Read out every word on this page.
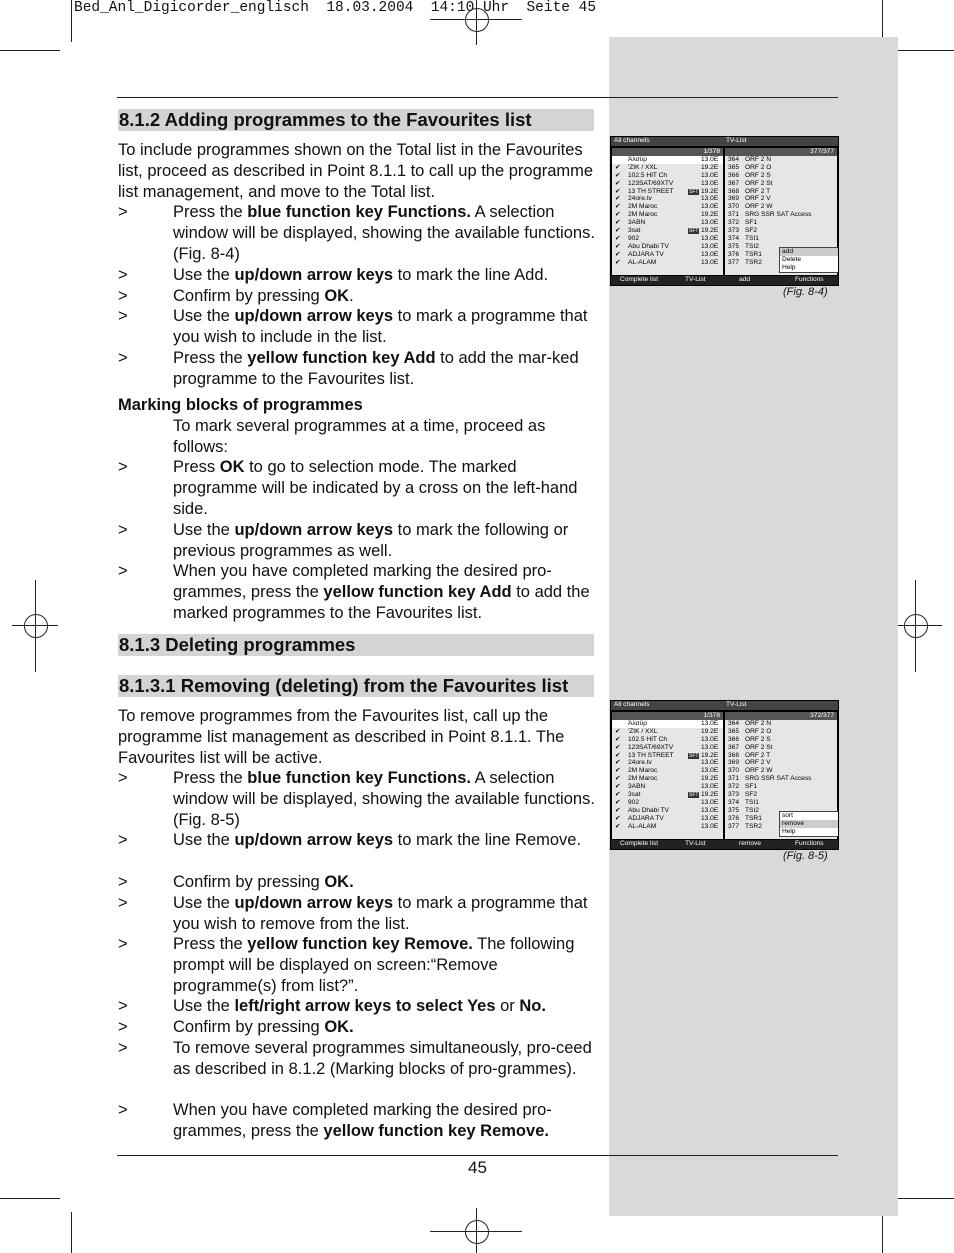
Bed_Anl_Digicorder_englisch  18.03.2004  14:10 Uhr  Seite 45
8.1.2 Adding programmes to the Favourites list
To include programmes shown on the Total list in the Favourites list, proceed as described in Point 8.1.1 to call up the programme list management, and move to the Total list.
>	Press the blue function key Functions. A selection window will be displayed, showing the available functions. (Fig. 8-4)
>	Use the up/down arrow keys to mark the line Add.
>	Confirm by pressing OK.
>	Use the up/down arrow keys to mark a programme that you wish to include in the list.
>	Press the yellow function key Add to add the mar-ked programme to the Favourites list.
Marking blocks of programmes
To mark several programmes at a time, proceed as follows:
>	Press OK to go to selection mode. The marked programme will be indicated by a cross on the left-hand side.
>	Use the up/down arrow keys to mark the following or previous programmes as well.
>	When you have completed marking the desired pro-grammes, press the yellow function key Add to add the marked programmes to the Favourites list.
8.1.3 Deleting programmes
8.1.3.1 Removing (deleting) from the Favourites list
To remove programmes from the Favourites list, call up the programme list management as described in Point 8.1.1. The Favourites list will be active.
>	Press the blue function key Functions. A selection window will be displayed, showing the available functions. (Fig. 8-5)
>	Use the up/down arrow keys to mark the line Remove.
>	Confirm by pressing OK.
>	Use the up/down arrow keys to mark a programme that you wish to remove from the list.
>	Press the yellow function key Remove. The following prompt will be displayed on screen:“Remove programme(s) from list?”.
>	Use the left/right arrow keys to select Yes or No.
>	Confirm by pressing OK.
>	To remove several programmes simultaneously, pro-ceed as described in 8.1.2 (Marking blocks of pro-grammes).
>	When you have completed marking the desired pro-grammes, press the yellow function key Remove.
45
All channels	TV-List
1/378
Άλσϋρ	13.0E
✔ 'ZIK / XXL	19.2E
✔ 102.5 HIT Ch	13.0E
✔ 123SAT/69XTV	13.0E
✔ 13 TH STREET	SFT 19.2E
✔ 24ore.tv	13.0E
✔ 2M Maroc	13.0E
✔ 2M Maroc	19.2E
✔ 3ABN	13.0E
✔ 3sat	SFT 19.2E
✔ 902	13.0E
✔ Abu Dhabi TV	13.0E
✔ ADJARA TV	13.0E
✔ AL-ALAM	13.0E
377/377
364 ORF 2 N
365 ORF 2 O
366 ORF 2 S
367 ORF 2 St
368 ORF 2 T
369 ORF 2 V
370 ORF 2 W
371 SRG SSR SAT Access
372 SF1
373 SF2
374 TSI1
375 TSI2
376 TSR1
377 TSR2
add
Delete
Help
Complete list	TV-List	add	Functions
(Fig. 8-4)
All channels	TV-List
1/378
Άλσϋρ	13.0E
✔ 'ZIK / XXL	19.2E
✔ 102.5 HIT Ch	13.0E
✔ 123SAT/69XTV	13.0E
✔ 13 TH STREET	SFT 19.2E
✔ 24ore.tv	13.0E
✔ 2M Maroc	13.0E
✔ 2M Maroc	19.2E
✔ 3ABN	13.0E
✔ 3sat	SFT 19.2E
✔ 902	13.0E
✔ Abu Dhabi TV	13.0E
✔ ADJARA TV	13.0E
✔ AL-ALAM	13.0E
372/377
364 ORF 2 N
365 ORF 2 O
366 ORF 2 S
367 ORF 2 St
368 ORF 2 T
369 ORF 2 V
370 ORF 2 W
371 SRG SSR SAT Access
372 SF1
373 SF2
374 TSI1
375 TSI2
376 TSR1
377 TSR2
sort
remove
Help
Complete list	TV-List	remove	Functions
(Fig. 8-5)
